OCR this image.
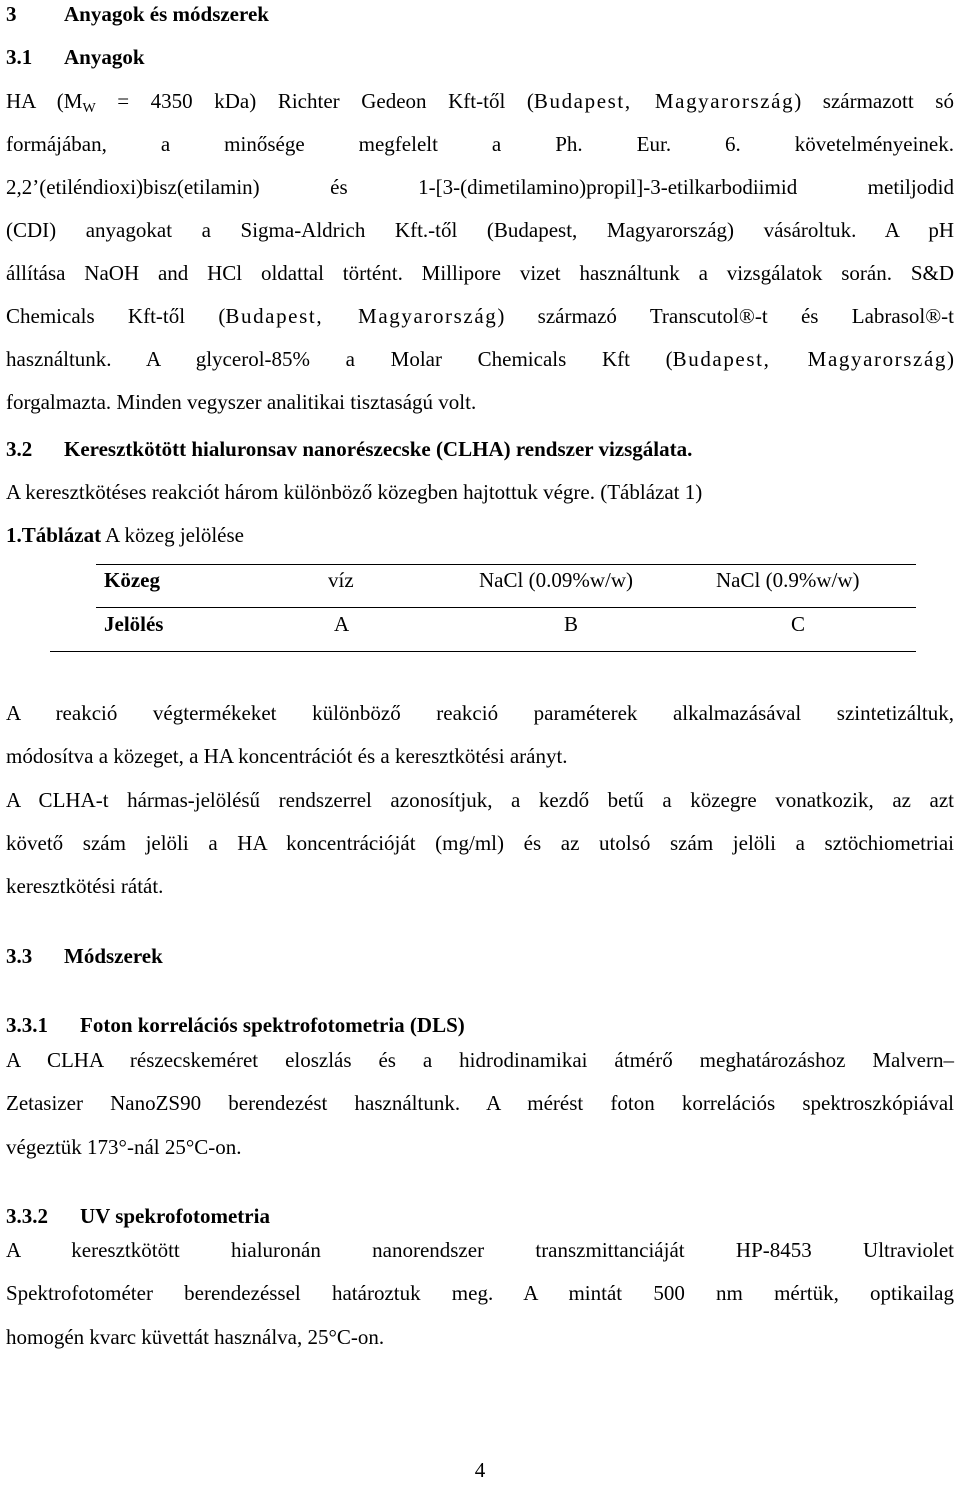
3 Anyagok és módszerek
3.1 Anyagok
HA ($M_W = 4350$ kDa) Richter Gedeon Kft-től (Budapest, Magyarország) származott só
formájában, a minősége megfelelt a Ph. Eur. 6. követelményeinek.
2,2’(etiléndioxi)bisz(etilamin) és 1-[3-(dimetilamino)propil]-3-etilkarbodiimid metiljodid
(CDI) anyagokat a Sigma-Aldrich Kft.-től (Budapest, Magyarország) vásároltuk. A pH
állítása NaOH and HCl oldattal történt. Millipore vizet használtunk a vizsgálatok során. S&D
Chemicals Kft-től (Budapest, Magyarország) származó Transcutol®-t és Labrasol®-t
használtunk. A glycerol-85% a Molar Chemicals Kft (Budapest, Magyarország)
forgalmazta. Minden vegyszer analitikai tisztaságú volt.
3.2 Keresztkötött hialuronsav nanorészecske (CLHA) rendszer vizsgálata.
A keresztkötéses reakciót három különböző közegben hajtottuk végre. (Táblázat 1)
1.Táblázat A közeg jelölése
Közeg	víz	NaCl (0.09%w/w)	NaCl (0.9%w/w)
Jelölés	A	B	C
A reakció végtermékeket különböző reakció paraméterek alkalmazásával szintetizáltuk,
módosítva a közeget, a HA koncentrációt és a keresztkötési arányt.
A CLHA-t hármas-jelölésű rendszerrel azonosítjuk, a kezdő betű a közegre vonatkozik, az azt
követő szám jelöli a HA koncentrációját (mg/ml) és az utolsó szám jelöli a sztöchiometriai
keresztkötési rátát.
3.3 Módszerek
3.3.1 Foton korrelációs spektrofotometria (DLS)
A CLHA részecskeméret eloszlás és a hidrodinamikai átmérő meghatározáshoz Malvern–
Zetasizer NanoZS90 berendezést használtunk. A mérést foton korrelációs spektroszkópiával
végeztük 173°-nál 25°C-on.
3.3.2 UV spekrofotometria
A keresztkötött hialuronán nanorendszer transzmittanciáját HP-8453 Ultraviolet
Spektrofotométer berendezéssel határoztuk meg. A mintát 500 nm mértük, optikailag
homogén kvarc küvettát használva, 25°C-on.
4
